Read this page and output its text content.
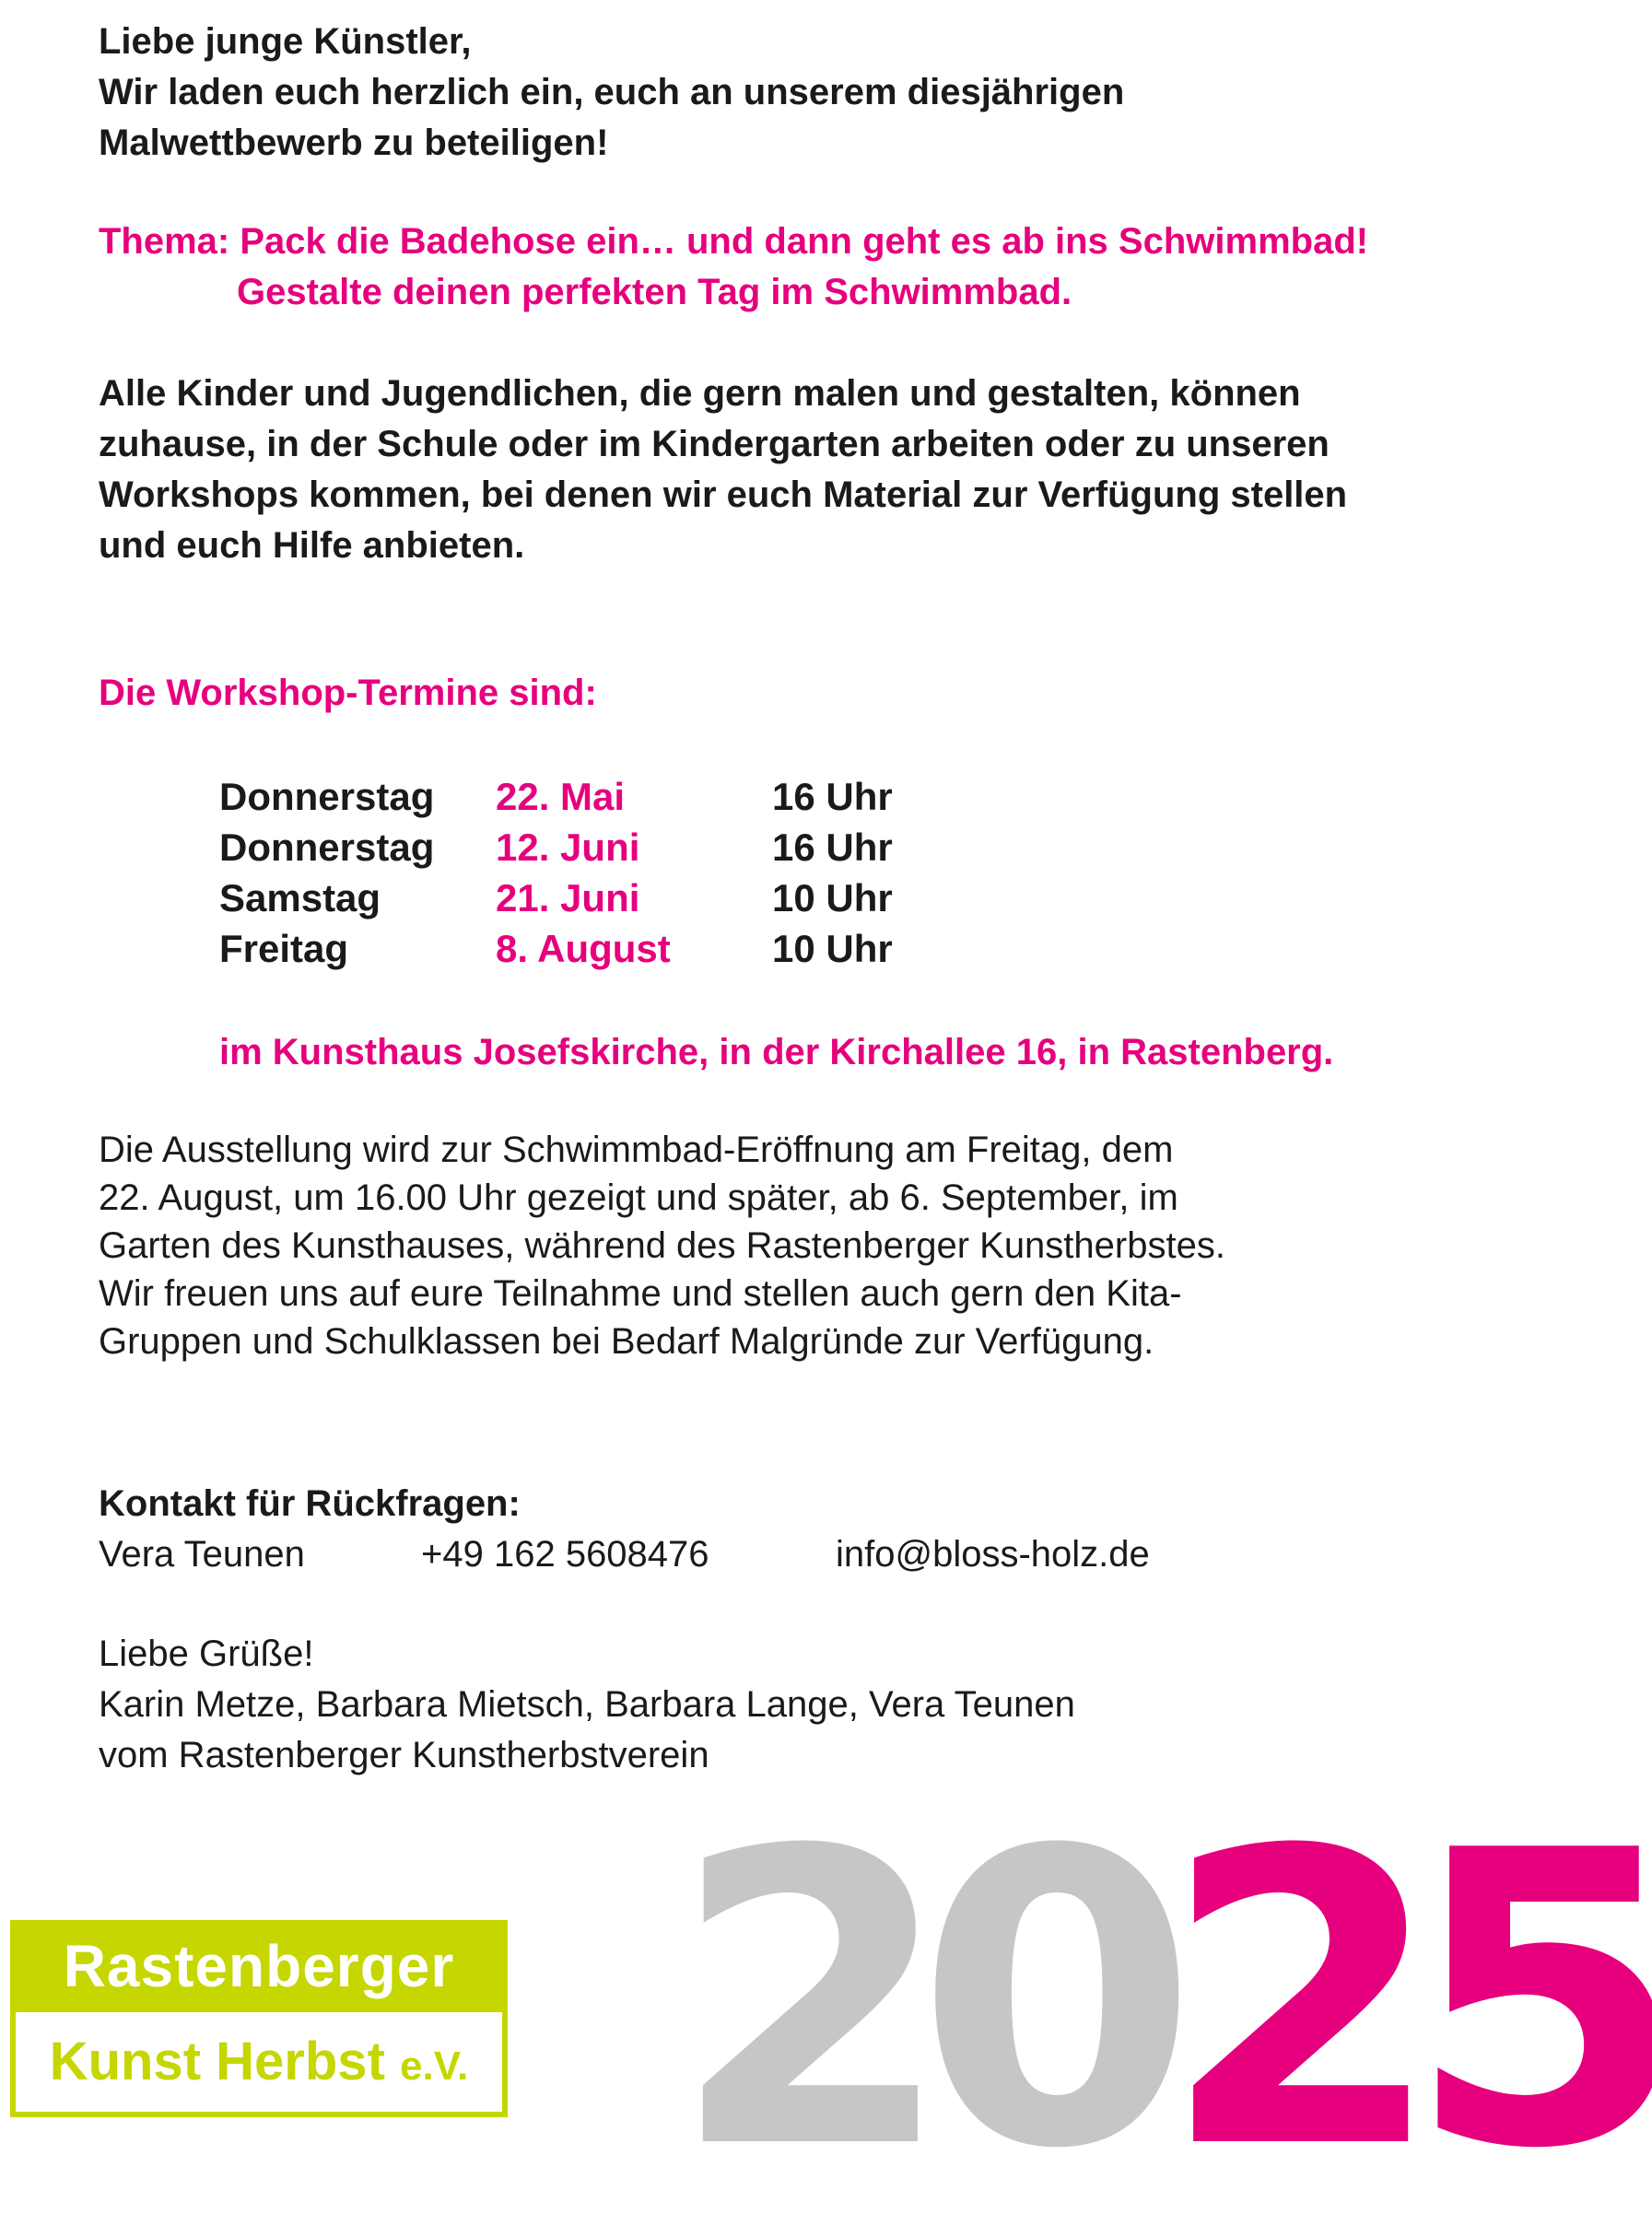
Liebe junge Künstler,
Wir laden euch herzlich ein, euch an unserem diesjährigen
Malwettbewerb zu beteiligen!
Thema: Pack die Badehose ein… und dann geht es ab ins Schwimmbad!
Gestalte deinen perfekten Tag im Schwimmbad.
Alle Kinder und Jugendlichen, die gern malen und gestalten, können
zuhause, in der Schule oder im Kindergarten arbeiten oder zu unseren
Workshops kommen, bei denen wir euch Material zur Verfügung stellen
und euch Hilfe anbieten.
Die Workshop-Termine sind:
Donnerstag 22. Mai	16 Uhr
Donnerstag 12. Juni	16 Uhr
Samstag	21. Juni	10 Uhr
Freitag	8. August	10 Uhr
im Kunsthaus Josefskirche, in der Kirchallee 16, in Rastenberg.
Die Ausstellung wird zur Schwimmbad-Eröffnung am Freitag, dem
22. August, um 16.00 Uhr gezeigt und später, ab 6. September, im
Garten des Kunsthauses, während des Rastenberger Kunstherbstes.
Wir freuen uns auf eure Teilnahme und stellen auch gern den Kita-
Gruppen und Schulklassen bei Bedarf Malgründe zur Verfügung.
Kontakt für Rückfragen:
Vera Teunen	+49 162 5608476	info@bloss-holz.de
Liebe Grüße!
Karin Metze, Barbara Mietsch, Barbara Lange, Vera Teunen
vom Rastenberger Kunstherbstverein
Rastenberger
Kunst Herbst e.V. 2025
